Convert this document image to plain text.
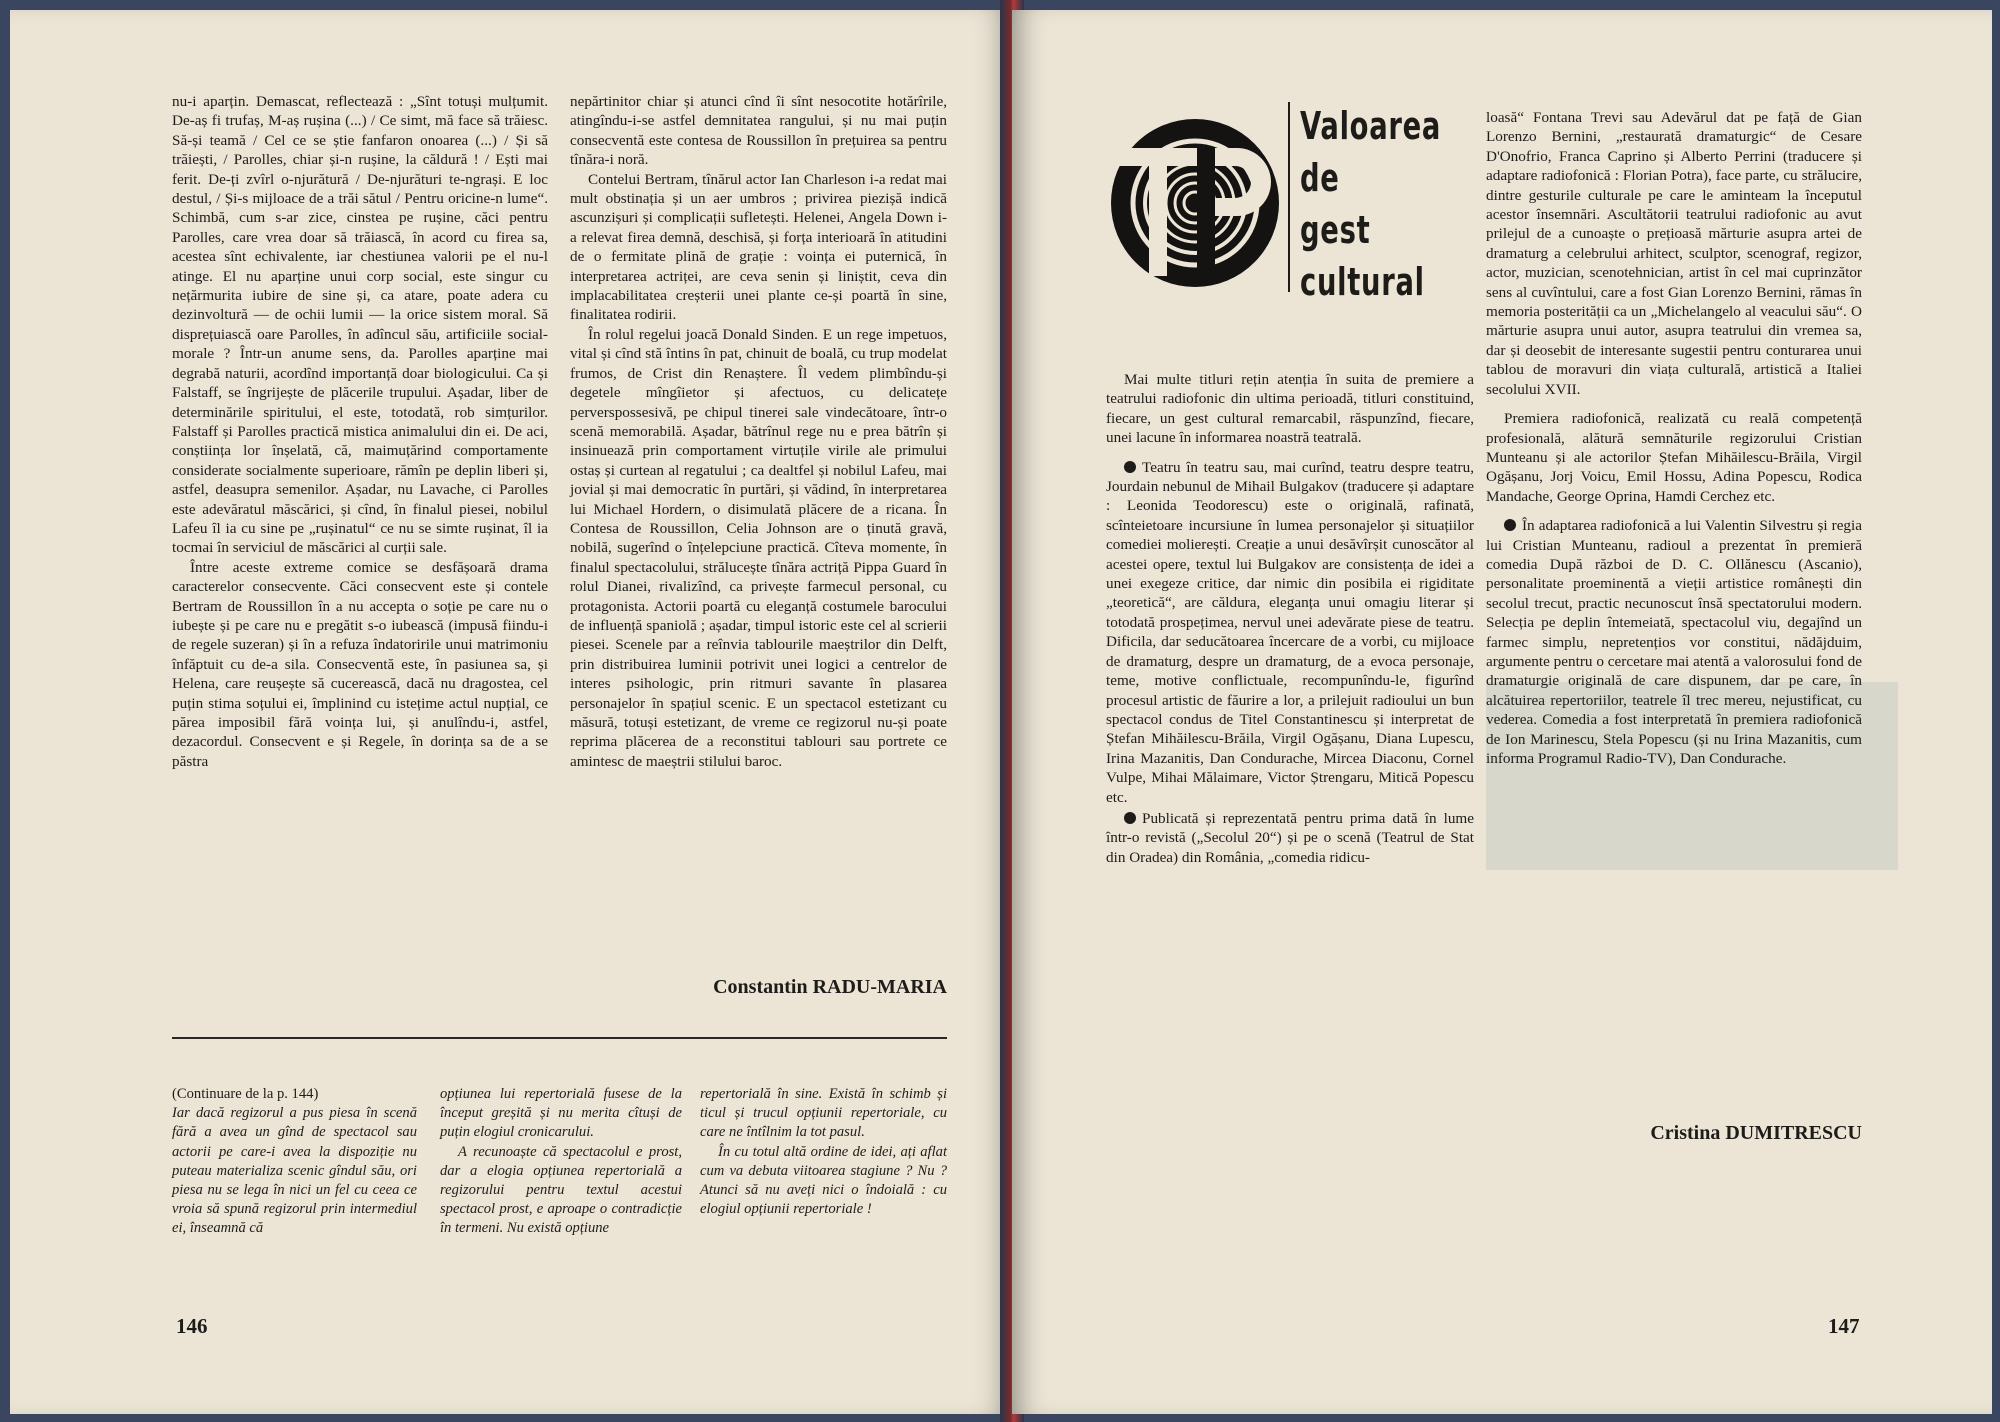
nu-i aparțin. Demascat, reflectează : „Sînt totuși mulțumit. De-aș fi trufaș, M-aș rușina (...) / Ce simt, mă face să trăiesc. Să-și teamă / Cel ce se știe fanfaron onoarea (...) / Și să trăiești, / Parolles, chiar și-n rușine, la căldură ! / Ești mai ferit. De-ți zvîrl o-njurătură / De-njurături te-ngrași. E loc destul, / Și-s mijloace de a trăi sătul / Pentru oricine-n lume“. Schimbă, cum s-ar zice, cinstea pe rușine, căci pentru Parolles, care vrea doar să trăiască, în acord cu firea sa, acestea sînt echivalente, iar chestiunea valorii pe el nu-l atinge. El nu aparține unui corp social, este singur cu nețărmurita iubire de sine și, ca atare, poate adera cu dezinvoltură — de ochii lumii — la orice sistem moral. Să disprețuiască oare Parolles, în adîncul său, artificiile social-morale ? Într-un anume sens, da. Parolles aparține mai degrabă naturii, acordînd importanță doar biologicului. Ca și Falstaff, se îngrijește de plăcerile trupului. Așadar, liber de determinările spiritului, el este, totodată, rob simțurilor. Falstaff și Parolles practică mistica animalului din ei. De aci, conștiința lor înșelată, că, maimuțărind comportamente considerate socialmente superioare, rămîn pe deplin liberi și, astfel, deasupra semenilor. Așadar, nu Lavache, ci Parolles este adevăratul măscărici, și cînd, în finalul piesei, nobilul Lafeu îl ia cu sine pe „rușinatul“ ce nu se simte rușinat, îl ia tocmai în serviciul de măscărici al curții sale.

Între aceste extreme comice se desfășoară drama caracterelor consecvente. Căci consecvent este și contele Bertram de Roussillon în a nu accepta o soție pe care nu o iubește și pe care nu e pregătit s-o iubească (impusă fiindu-i de regele suzeran) și în a refuza îndatoririle unui matrimoniu înfăptuit cu de-a sila. Consecventă este, în pasiunea sa, și Helena, care reușește să cucerească, dacă nu dragostea, cel puțin stima soțului ei, împlinind cu istețime actul nupțial, ce părea imposibil fără voința lui, și anulîndu-i, astfel, dezacordul. Consecvent e și Regele, în dorința sa de a se păstra

nepărtinitor chiar și atunci cînd îi sînt nesocotite hotărîrile, atingîndu-i-se astfel demnitatea rangului, și nu mai puțin consecventă este contesa de Roussillon în prețuirea sa pentru tînăra-i noră.

Contelui Bertram, tînărul actor Ian Charleson i-a redat mai mult obstinația și un aer umbros ; privirea piezișă indică ascunzișuri și complicații sufletești. Helenei, Angela Down i-a relevat firea demnă, deschisă, și forța interioară în atitudini de o fermitate plină de grație : voința ei puternică, în interpretarea actriței, are ceva senin și liniștit, ceva din implacabilitatea creșterii unei plante ce-și poartă în sine, finalitatea rodirii.

În rolul regelui joacă Donald Sinden. E un rege impetuos, vital și cînd stă întins în pat, chinuit de boală, cu trup modelat frumos, de Crist din Renaștere. Îl vedem plimbîndu-și degetele mîngîietor și afectuos, cu delicatețe perverspossesivă, pe chipul tinerei sale vindecătoare, într-o scenă memorabilă. Așadar, bătrînul rege nu e prea bătrîn și insinuează prin comportament virtuțile virile ale primului ostaș și curtean al regatului ; ca dealtfel și nobilul Lafeu, mai jovial și mai democratic în purtări, și vădind, în interpretarea lui Michael Hordern, o disimulată plăcere de a ricana. În Contesa de Roussillon, Celia Johnson are o ținută gravă, nobilă, sugerînd o înțelepciune practică. Cîteva momente, în finalul spectacolului, strălucește tînăra actriță Pippa Guard în rolul Dianei, rivalizînd, ca privește farmecul personal, cu protagonista. Actorii poartă cu eleganță costumele barocului de influență spaniolă ; așadar, timpul istoric este cel al scrierii piesei. Scenele par a reînvia tablourile maeștrilor din Delft, prin distribuirea luminii potrivit unei logici a centrelor de interes psihologic, prin ritmuri savante în plasarea personajelor în spațiul scenic. E un spectacol estetizant cu măsură, totuși estetizant, de vreme ce regizorul nu-și poate reprima plăcerea de a reconstitui tablouri sau portrete ce amintesc de maeștrii stilului baroc.

Constantin RADU-MARIA

(Continuare de la p. 144)

Iar dacă regizorul a pus piesa în scenă fără a avea un gînd de spectacol sau actorii pe care-i avea la dispoziție nu puteau materializa scenic gîndul său, ori piesa nu se lega în nici un fel cu ceea ce vroia să spună regizorul prin intermediul ei, înseamnă că

opțiunea lui repertorială fusese de la început greșită și nu merita cîtuși de puțin elogiul cronicarului.

A recunoaște că spectacolul e prost, dar a elogia opțiunea repertorială a regizorului pentru textul acestui spectacol prost, e aproape o contradicție în termeni. Nu există opțiune

repertorială în sine. Există în schimb și ticul și trucul opțiunii repertoriale, cu care ne întîlnim la tot pasul.

În cu totul altă ordine de idei, ați aflat cum va debuta viitoarea stagiune ? Nu ? Atunci să nu aveți nici o îndoială : cu elogiul opțiunii repertoriale !

146
Valoarea
de
gest
cultural

Mai multe titluri rețin atenția în suita de premiere a teatrului radiofonic din ultima perioadă, titluri constituind, fiecare, un gest cultural remarcabil, răspunzînd, fiecare, unei lacune în informarea noastră teatrală.

Teatru în teatru sau, mai curînd, teatru despre teatru, Jourdain nebunul de Mihail Bulgakov (traducere și adaptare : Leonida Teodorescu) este o originală, rafinată, scînteietoare incursiune în lumea personajelor și situațiilor comediei molierești. Creație a unui desăvîrșit cunoscător al acestei opere, textul lui Bulgakov are consistența de idei a unei exegeze critice, dar nimic din posibila ei rigiditate „teoretică“, are căldura, eleganța unui omagiu literar și totodată prospețimea, nervul unei adevărate piese de teatru. Dificila, dar seducătoarea încercare de a vorbi, cu mijloace de dramaturg, despre un dramaturg, de a evoca personaje, teme, motive conflictuale, recompunîndu-le, figurînd procesul artistic de făurire a lor, a prilejuit radioului un bun spectacol condus de Titel Constantinescu și interpretat de Ștefan Mihăilescu-Brăila, Virgil Ogășanu, Diana Lupescu, Irina Mazanitis, Dan Condurache, Mircea Diaconu, Cornel Vulpe, Mihai Mălaimare, Victor Ștrengaru, Mitică Popescu etc.

Publicată și reprezentată pentru prima dată în lume într-o revistă („Secolul 20“) și pe o scenă (Teatrul de Stat din Oradea) din România, „comedia ridicu-

loasă“ Fontana Trevi sau Adevărul dat pe față de Gian Lorenzo Bernini, „restaurată dramaturgic“ de Cesare D'Onofrio, Franca Caprino și Alberto Perrini (traducere și adaptare radiofonică : Florian Potra), face parte, cu strălucire, dintre gesturile culturale pe care le aminteam la începutul acestor însemnări. Ascultătorii teatrului radiofonic au avut prilejul de a cunoaște o prețioasă mărturie asupra artei de dramaturg a celebrului arhitect, sculptor, scenograf, regizor, actor, muzician, scenotehnician, artist în cel mai cuprinzător sens al cuvîntului, care a fost Gian Lorenzo Bernini, rămas în memoria posterității ca un „Michelangelo al veacului său“. O mărturie asupra unui autor, asupra teatrului din vremea sa, dar și deosebit de interesante sugestii pentru conturarea unui tablou de moravuri din viața culturală, artistică a Italiei secolului XVII.

Premiera radiofonică, realizată cu reală competență profesională, alătură semnăturile regizorului Cristian Munteanu și ale actorilor Ștefan Mihăilescu-Brăila, Virgil Ogășanu, Jorj Voicu, Emil Hossu, Adina Popescu, Rodica Mandache, George Oprina, Hamdi Cerchez etc.

În adaptarea radiofonică a lui Valentin Silvestru și regia lui Cristian Munteanu, radioul a prezentat în premieră comedia După război de D. C. Ollănescu (Ascanio), personalitate proeminentă a vieții artistice românești din secolul trecut, practic necunoscut însă spectatorului modern. Selecția pe deplin întemeiată, spectacolul viu, degajînd un farmec simplu, nepretențios vor constitui, nădăjduim, argumente pentru o cercetare mai atentă a valorosului fond de dramaturgie originală de care dispunem, dar pe care, în alcătuirea repertoriilor, teatrele îl trec mereu, nejustificat, cu vederea. Comedia a fost interpretată în premiera radiofonică de Ion Marinescu, Stela Popescu (și nu Irina Mazanitis, cum informa Programul Radio-TV), Dan Condurache.

Cristina DUMITRESCU
147
